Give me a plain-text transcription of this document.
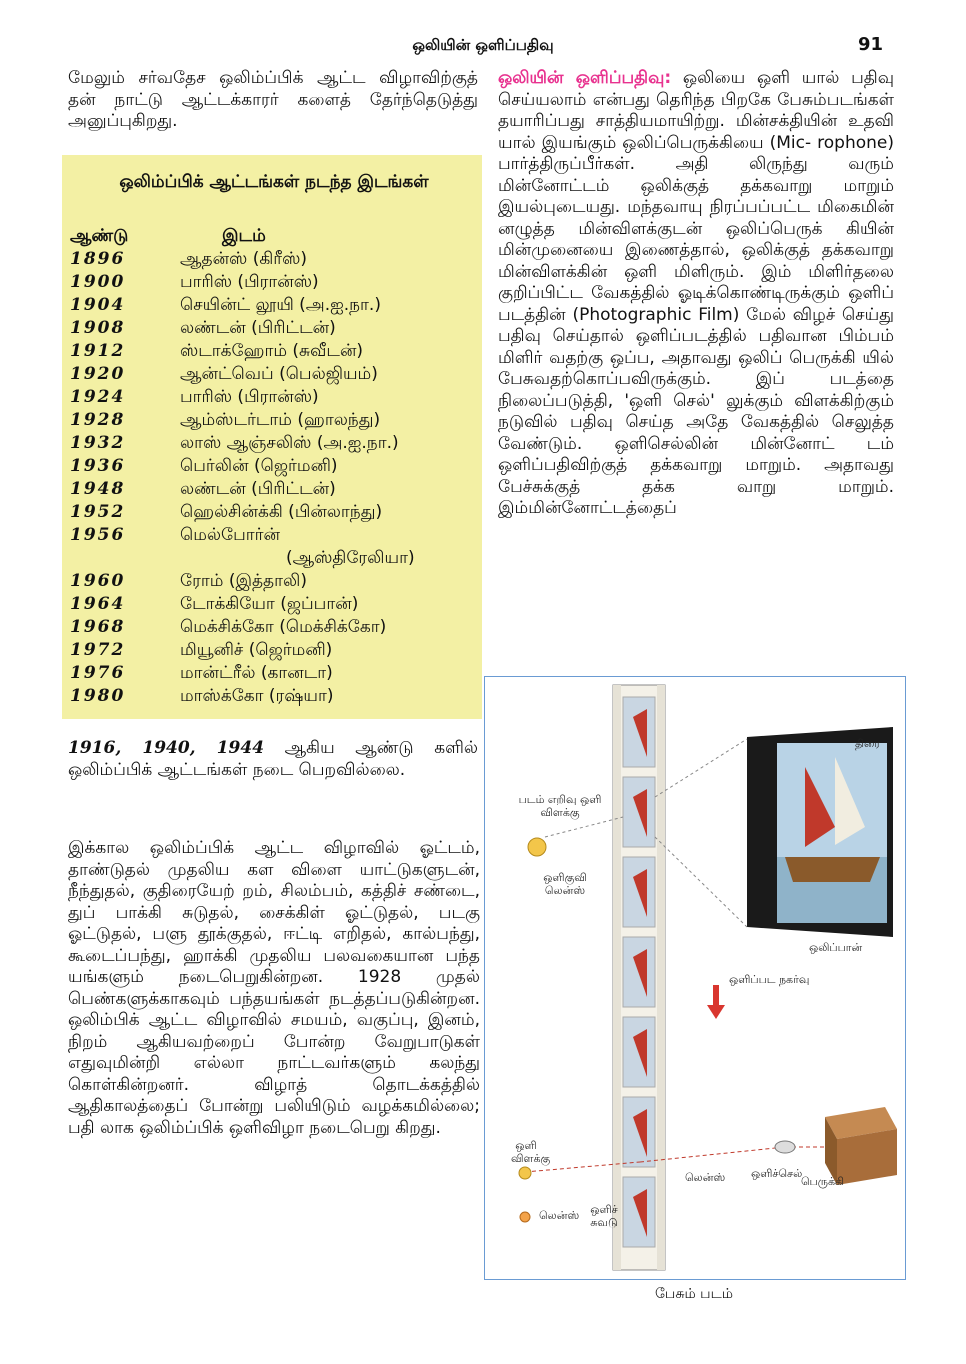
ஒலியின் ஒளிப்பதிவு	91

மேலும் சர்வதேச ஒலிம்ப்பிக் ஆட்ட விழாவிற்குத் தன் நாட்டு ஆட்டக்காரர் களைத் தேர்ந்தெடுத்து அனுப்புகிறது.

ஒலிம்ப்பிக் ஆட்டங்கள் நடந்த இடங்கள்
ஆண்டு	இடம்
1896	ஆதன்ஸ் (கிரீஸ்)
1900	பாரிஸ் (பிரான்ஸ்)
1904	செயின்ட் லூயி (அ.ஐ.நா.)
1908	லண்டன் (பிரிட்டன்)
1912	ஸ்டாக்ஹோம் (சுவீடன்)
1920	ஆன்ட்வெப் (பெல்ஜியம்)
1924	பாரிஸ் (பிரான்ஸ்)
1928	ஆம்ஸ்டர்டாம் (ஹாலந்து)
1932	லாஸ் ஆஞ்சலிஸ் (அ.ஐ.நா.)
1936	பெர்லின் (ஜெர்மனி)
1948	லண்டன் (பிரிட்டன்)
1952	ஹெல்சின்க்கி (பின்லாந்து)
1956	மெல்போர்ன்
(ஆஸ்திரேலியா)
1960	ரோம் (இத்தாலி)
1964	டோக்கியோ (ஜப்பான்)
1968	மெக்சிக்கோ (மெக்சிக்கோ)
1972	மியூனிச் (ஜெர்மனி)
1976	மான்ட்ரீல் (கானடா)
1980	மாஸ்க்கோ (ரஷ்யா)

1916, 1940, 1944 ஆகிய ஆண்டு களில் ஒலிம்ப்பிக் ஆட்டங்கள் நடை பெறவில்லை.

இக்கால ஒலிம்ப்பிக் ஆட்ட விழாவில் ஓட்டம், தாண்டுதல் முதலிய கள விளை யாட்டுகளுடன், நீந்துதல், குதிரையேற் றம், சிலம்பம், கத்திச் சண்டை, துப் பாக்கி சுடுதல், சைக்கிள் ஓட்டுதல், படகு ஓட்டுதல், பளு தூக்குதல், ஈட்டி எறிதல், கால்பந்து, கூடைப்பந்து, ஹாக்கி முதலிய பலவகையான பந்த யங்களும் நடைபெறுகின்றன. 1928 முதல் பெண்களுக்காகவும் பந்தயங்கள் நடத்தப்படுகின்றன. ஒலிம்பிக் ஆட்ட விழாவில் சமயம், வகுப்பு, இனம், நிறம் ஆகியவற்றைப் போன்ற வேறுபாடுகள் எதுவுமின்றி எல்லா நாட்டவர்களும் கலந்து கொள்கின்றனர். விழாத் தொடக்கத்தில் ஆதிகாலத்தைப் போன்று பலியிடும் வழக்கமில்லை; பதி லாக ஒலிம்ப்பிக் ஒளிவிழா நடைபெறு கிறது.

ஒலியின் ஒளிப்பதிவு: ஒலியை ஒளி யால் பதிவு செய்யலாம் என்பது தெரிந்த பிறகே பேசும்படங்கள் தயாரிப்பது சாத்தியமாயிற்று. மின்சக்தியின் உதவி யால் இயங்கும் ஒலிப்பெருக்கியை (Mic- rophone) பார்த்திருப்பீர்கள். அதி லிருந்து வரும் மின்னோட்டம் ஒலிக்குத் தக்கவாறு மாறும் இயல்புடையது. மந்தவாயு நிரப்பப்பட்ட மிகைமின் னழுத்த மின்விளக்குடன் ஒலிப்பெருக் கியின் மின்முனையை இணைத்தால், ஒலிக்குத் தக்கவாறு மின்விளக்கின் ஒளி மிளிரும். இம் மிளிர்தலை குறிப்பிட்ட வேகத்தில் ஓடிக்கொண்டிருக்கும் ஒளிப் படத்தின் (Photographic Film) மேல் விழச் செய்து பதிவு செய்தால் ஒளிப்படத்தில் பதிவான பிம்பம் மிளிர் வதற்கு ஒப்ப, அதாவது ஒலிப் பெருக்கி யில் பேசுவதற்கொப்பவிருக்கும். இப் படத்தை நிலைப்படுத்தி, 'ஒளி செல்' லுக்கும் விளக்கிற்கும் நடுவில் பதிவு செய்த அதே வேகத்தில் செலுத்த வேண்டும். ஒளிசெல்லின் மின்னோட் டம் ஒளிப்பதிவிற்குத் தக்கவாறு மாறும். அதாவது பேச்சுக்குத் தக்க வாறு மாறும். இம்மின்னோட்டத்தைப்

திரை
படம் எறிவு ஒளி விளக்கு
ஒளிகுவி லென்ஸ்
ஒலிப்பான்
ஒளிப்பட நகர்வு
ஒளி விளக்கு
லென்ஸ் ஒளிச்செல்
பெருக்கி
லென்ஸ் ஒளிச் சுவடு
பேசும் படம்
